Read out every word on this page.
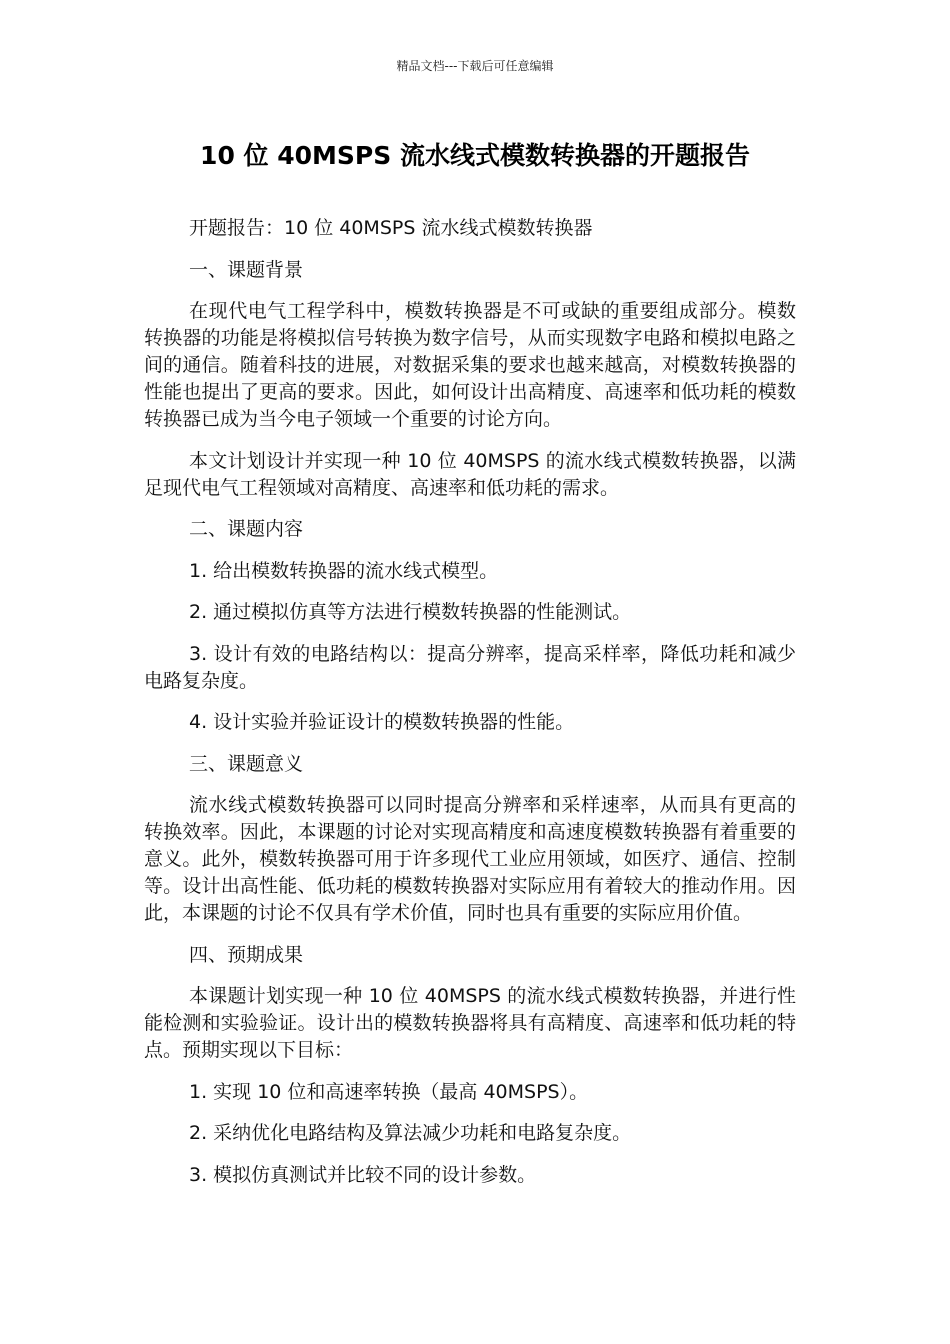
精品文档---下载后可任意编辑
10 位 40MSPS 流水线式模数转换器的开题报告

开题报告：10 位 40MSPS 流水线式模数转换器

一、课题背景

在现代电气工程学科中，模数转换器是不可或缺的重要组成部分。模数转换器的功能是将模拟信号转换为数字信号，从而实现数字电路和模拟电路之间的通信。随着科技的进展，对数据采集的要求也越来越高，对模数转换器的性能也提出了更高的要求。因此，如何设计出高精度、高速率和低功耗的模数转换器已成为当今电子领域一个重要的讨论方向。

本文计划设计并实现一种 10 位 40MSPS 的流水线式模数转换器，以满足现代电气工程领域对高精度、高速率和低功耗的需求。

二、课题内容

1. 给出模数转换器的流水线式模型。

2. 通过模拟仿真等方法进行模数转换器的性能测试。

3. 设计有效的电路结构以：提高分辨率，提高采样率，降低功耗和减少电路复杂度。

4. 设计实验并验证设计的模数转换器的性能。

三、课题意义

流水线式模数转换器可以同时提高分辨率和采样速率，从而具有更高的转换效率。因此，本课题的讨论对实现高精度和高速度模数转换器有着重要的意义。此外，模数转换器可用于许多现代工业应用领域，如医疗、通信、控制等。设计出高性能、低功耗的模数转换器对实际应用有着较大的推动作用。因此，本课题的讨论不仅具有学术价值，同时也具有重要的实际应用价值。

四、预期成果

本课题计划实现一种 10 位 40MSPS 的流水线式模数转换器，并进行性能检测和实验验证。设计出的模数转换器将具有高精度、高速率和低功耗的特点。预期实现以下目标：

1. 实现 10 位和高速率转换（最高 40MSPS）。

2. 采纳优化电路结构及算法减少功耗和电路复杂度。

3. 模拟仿真测试并比较不同的设计参数。
